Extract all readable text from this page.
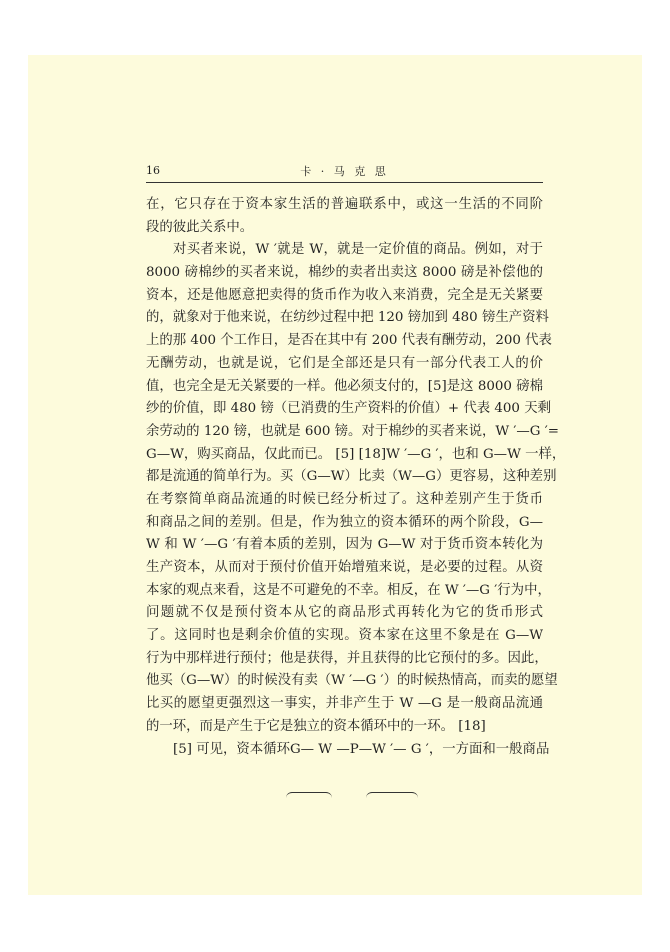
16	卡 · 马 克 思
在，它只存在于资本家生活的普遍联系中，或这一生活的不同阶
段的彼此关系中。
对买者来说，W ′就是 W，就是一定价值的商品。例如，对于
8000 磅棉纱的买者来说，棉纱的卖者出卖这 8000 磅是补偿他的
资本，还是他愿意把卖得的货币作为收入来消费，完全是无关紧要
的，就象对于他来说，在纺纱过程中把 120 镑加到 480 镑生产资料
上的那 400 个工作日，是否在其中有 200 代表有酬劳动，200 代表
无酬劳动，也就是说，它们是全部还是只有一部分代表工人的价
值，也完全是无关紧要的一样。他必须支付的，[5]是这 8000 磅棉
纱的价值，即 480 镑（已消费的生产资料的价值）+ 代表 400 天剩
余劳动的 120 镑，也就是 600 镑。对于棉纱的买者来说，W ′—G ′=
G—W，购买商品，仅此而已。 [5] [18]W ′—G ′，也和 G—W 一样，
都是流通的简单行为。买（G—W）比卖（W—G）更容易，这种差别
在考察简单商品流通的时候已经分析过了。这种差别产生于货币
和商品之间的差别。但是，作为独立的资本循环的两个阶段，G—
W 和 W ′—G ′有着本质的差别，因为 G—W 对于货币资本转化为
生产资本，从而对于预付价值开始增殖来说，是必要的过程。从资
本家的观点来看，这是不可避免的不幸。相反，在 W ′—G ′行为中，
问题就不仅是预付资本从它的商品形式再转化为它的货币形式
了。这同时也是剩余价值的实现。资本家在这里不象是在 G—W
行为中那样进行预付；他是获得，并且获得的比它预付的多。因此，
他买（G—W）的时候没有卖（W ′—G ′）的时候热情高，而卖的愿望
比买的愿望更强烈这一事实，并非产生于 W —G 是一般商品流通
的一环，而是产生于它是独立的资本循环中的一环。 [18]
[5] 可见，资本循环G— W —P—W ′— G ′，一方面和一般商品
